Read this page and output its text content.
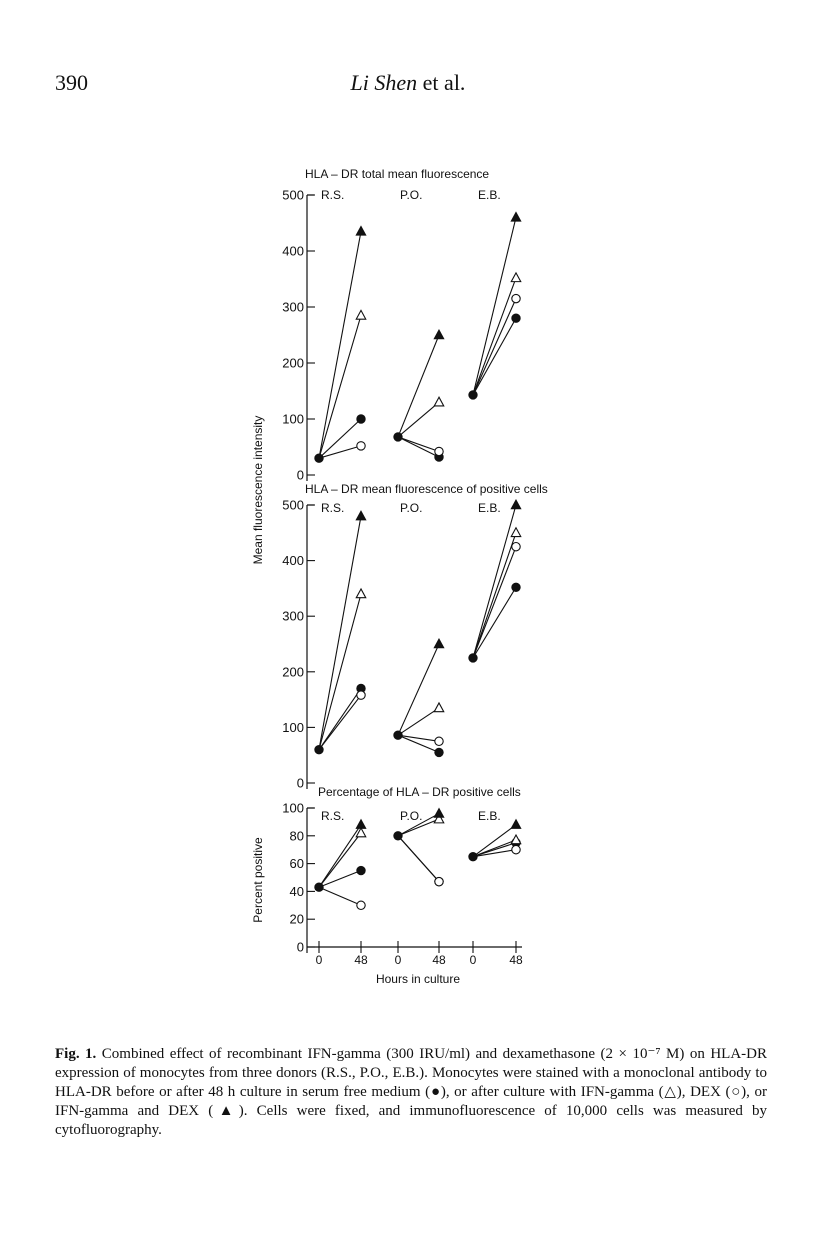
390	Li Shen et al.
Mean fluorescence intensity
Percent positive
Hours in culture
0	48 0	48 0	48
HLA – DR total mean fluorescence
0
100
200
300
400
500 R.S.	P.O.	E.B.
HLA – DR mean fluorescence of positive cells
0
100
200
300
400
500 R.S.	P.O.	E.B.
Percentage of HLA – DR positive cells
0
20
40
60
80
100
R.S.	P.O.	E.B.
Fig. 1. Combined effect of recombinant IFN-gamma (300 IRU/ml) and dexamethasone (2 × 10⁻⁷ M) on HLA-DR expression of monocytes from three donors (R.S., P.O., E.B.). Monocytes were stained with a monoclonal antibody to HLA-DR before or after 48 h culture in serum free medium (●), or after culture with IFN-gamma (△), DEX (○), or IFN-gamma and DEX (▲). Cells were fixed, and immunofluorescence of 10,000 cells was measured by cytofluorography.
